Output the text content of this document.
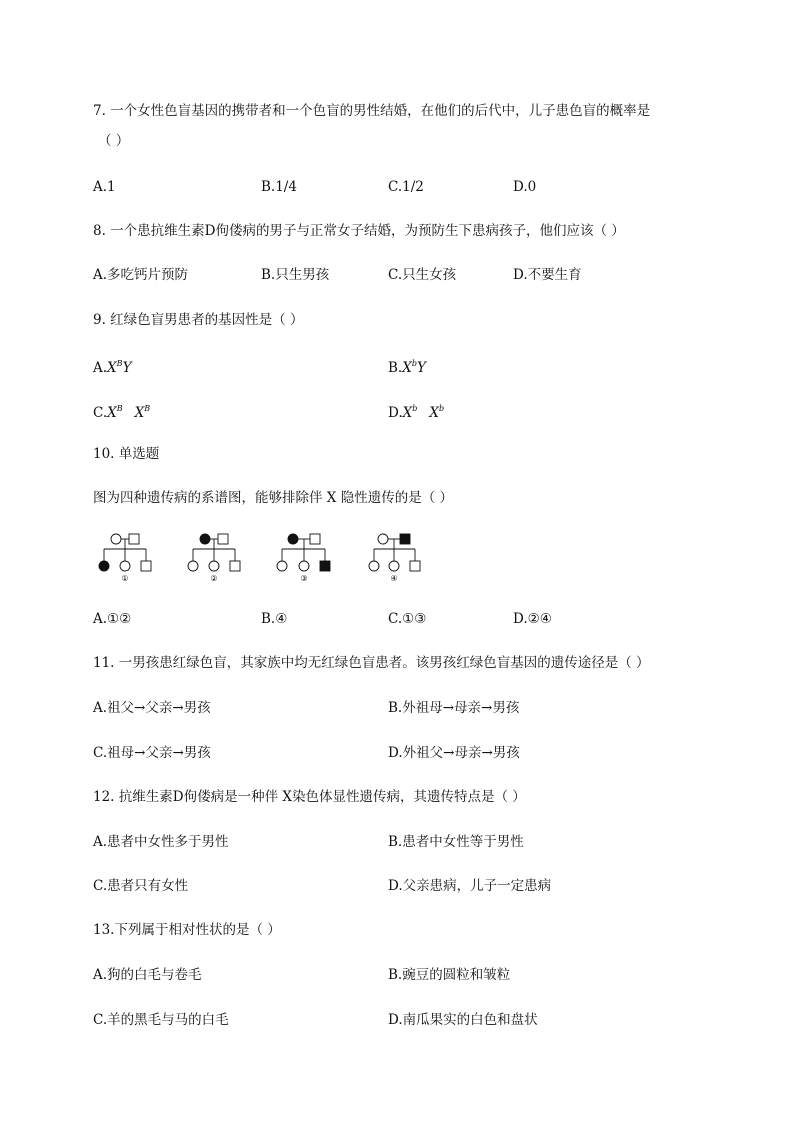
7. 一个女性色盲基因的携带者和一个色盲的男性结婚，在他们的后代中，儿子患色盲的概率是
（ ）
A.1	B.1/4	C.1/2	D.0
8. 一个患抗维生素D佝偻病的男子与正常女子结婚，为预防生下患病孩子，他们应该（ ）
A.多吃钙片预防	B.只生男孩	C.只生女孩	D.不要生育
9. 红绿色盲男患者的基因性是（ ）
$A.X^BY$	$B.X^bY$
$C.X^B$ $X^B$	$D.X^b$ $X^b$
10. 单选题
图为四种遗传病的系谱图，能够排除伴 X 隐性遗传的是（ ）
①	②	③	④
A.①②	B.④	C.①③	D.②④
11. 一男孩患红绿色盲，其家族中均无红绿色盲患者。该男孩红绿色盲基因的遗传途径是（ ）
A.祖父→父亲→男孩	B.外祖母→母亲→男孩
C.祖母→父亲→男孩	D.外祖父→母亲→男孩
12. 抗维生素D佝偻病是一种伴 X染色体显性遗传病，其遗传特点是（ ）
A.患者中女性多于男性	B.患者中女性等于男性
C.患者只有女性	D.父亲患病，儿子一定患病
13.下列属于相对性状的是（ ）
A.狗的白毛与卷毛	B.豌豆的圆粒和皱粒
C.羊的黑毛与马的白毛	D.南瓜果实的白色和盘状
